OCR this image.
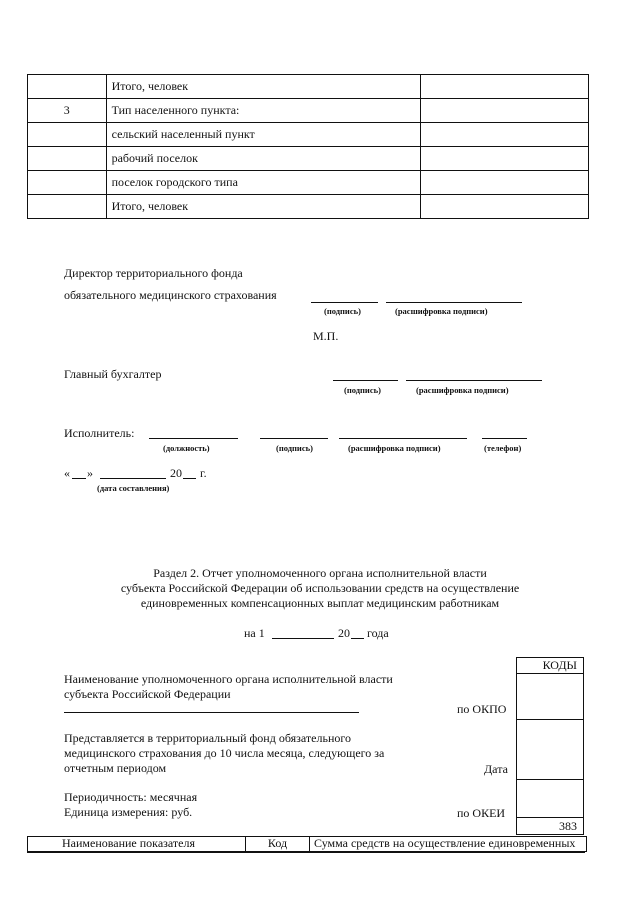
	Итого, человек	
3	Тип населенного пункта:	
	сельский населенный пункт	
	рабочий поселок	
	поселок городского типа	
	Итого, человек	
Директор территориального фонда
обязательного медицинского страхования
(подпись)	(расшифровка подписи)
М.П.
Главный бухгалтер
(подпись)	(расшифровка подписи)
Исполнитель:
(должность)	(подпись)	(расшифровка подписи)	(телефон)
« »	20 г.
(дата составления)
Раздел 2. Отчет уполномоченного органа исполнительной власти
субъекта Российской Федерации об использовании средств на осуществление
единовременных компенсационных выплат медицинским работникам
на 1	20 года
Наименование уполномоченного органа исполнительной власти
субъекта Российской Федерации
по ОКПО
Представляется в территориальный фонд обязательного
медицинского страхования до 10 числа месяца, следующего за
отчетным периодом	Дата
Периодичность: месячная
Единица измерения: руб.	по ОКЕИ
КОДЫ
383
Наименование показателя	Код	Сумма средств на осуществление единовременных
